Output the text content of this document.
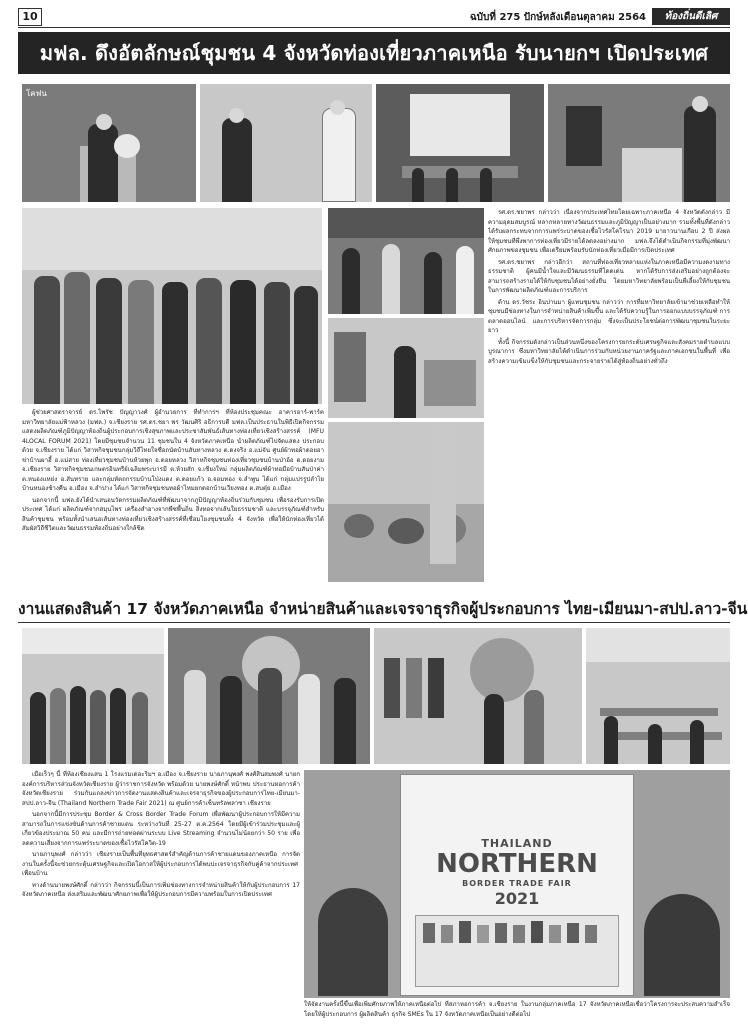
10	ฉบับที่ 275 ปักษ์หลังเดือนตุลาคม 2564	ท้องถิ่นดีเลิศ
มฟล. ดึงอัตลักษณ์ชุมชน 4 จังหวัดท่องเที่ยวภาคเหนือ รับนายกฯ เปิดประเทศ
โคฟน

ผู้ช่วยศาสตราจารย์ ดร.ไพรัช ปัญญาวงศ์ ผู้อำนวยการ ที่ทำการฯ ที่ห้องประชุมคณะ อาคารอาร์-พาร์ค มหาวิทยาลัยแม่ฟ้าหลวง (มฟล.) จ.เชียงราย รศ.ดร.ชยา พร วัฒนศิริ อธิการบดี มฟล.เป็นประธานในพิธีเปิดกิจกรรมแสดงผลิตภัณฑ์ภูมิปัญญาท้องถิ่นผู้ประกอบการเชิงสุขภาพและประชาสัมพันธ์เส้นทางท่องเที่ยวเชิงสร้างสรรค์ (MFU 4LOCAL FORUM 2021) โดยมีชุมชนจำนวน 11 ชุมชนใน 4 จังหวัดภาคเหนือ นำผลิตภัณฑ์ไปจัดแสดง ประกอบด้วย จ.เชียงราย ได้แก่ วิสาหกิจชุมชนกลุ่มวิถีไทยใจซื่อถนัดบ้านสันทางหลวง ต.ดงจริง อ.แม่จัน ศูนย์ผ้าทอผ้าดอยอาข่าบ้านผาฮี้ อ.แม่สาย ท่องเที่ยวชุมชนบ้านห้วยพุก อ.ดอยหลวง วิสาหกิจชุมชนท่องเที่ยวชุมชนบ้านป่าอ้อ ต.ดอยงาม จ.เชียงราย วิสาหกิจชุมชนเกษตรอินทรีย์เฉลิมพระบารมี ต.ห้วยสัก จ.เชียงใหม่ กลุ่มผลิตภัณฑ์ผ้าทอมือบ้านสันป่าค่า ต.หนองแหย่ง อ.สันทราย และกลุ่มหัตถกรรมบ้านโป่งแดง ต.ดอยแก้ว อ.จอมทอง จ.ลำพูน ได้แก่ กลุ่มแปรรูปลำไยบ้านหนองช้างคืน อ.เมือง จ.ลำปาง ได้แก่ วิสาหกิจชุมชนทอผ้าไหมยกดอกบ้านเวียงทอง ต.สบตุ๋ย อ.เมือง

นอกจากนี้ มฟล.ยังได้นำเสนอนวัตกรรมผลิตภัณฑ์ที่พัฒนาจากภูมิปัญญาท้องถิ่นร่วมกับชุมชน เพื่อรองรับการเปิดประเทศ ได้แก่ ผลิตภัณฑ์จากสมุนไพร เครื่องสำอางจากพืชพื้นถิ่น สิ่งทอจากเส้นใยธรรมชาติ และบรรจุภัณฑ์สำหรับสินค้าชุมชน พร้อมทั้งนำเสนอเส้นทางท่องเที่ยวเชิงสร้างสรรค์ที่เชื่อมโยงชุมชนทั้ง 4 จังหวัด เพื่อให้นักท่องเที่ยวได้สัมผัสวิถีชีวิตและวัฒนธรรมท้องถิ่นอย่างใกล้ชิด

รศ.ดร.ชยาพร กล่าวว่า เนื่องจากประเทศไทยโดยเฉพาะภาคเหนือ 4 จังหวัดดังกล่าว มีความอุดมสมบูรณ์ หลากหลายทางวัฒนธรรมและภูมิปัญญาเป็นอย่างมาก รวมทั้งพื้นที่ดังกล่าวได้รับผลกระทบจากการแพร่ระบาดของเชื้อไวรัสโคโรนา 2019 มายาวนานเกือบ 2 ปี ส่งผลให้ชุมชนที่พึ่งพาการท่องเที่ยวมีรายได้ลดลงอย่างมาก มฟล.จึงได้ดำเนินกิจกรรมที่มุ่งพัฒนาศักยภาพของชุมชน เพื่อเตรียมพร้อมรับนักท่องเที่ยวเมื่อมีการเปิดประเทศ

รศ.ดร.ชยาพร กล่าวอีกว่า สถานที่ท่องเที่ยวหลายแห่งในภาคเหนือมีความงดงามทางธรรมชาติ ผู้คนมีน้ำใจและมีวัฒนธรรมที่โดดเด่น หากได้รับการส่งเสริมอย่างถูกต้องจะสามารถสร้างรายได้ให้กับชุมชนได้อย่างยั่งยืน โดยมหาวิทยาลัยพร้อมเป็นพี่เลี้ยงให้กับชุมชนในการพัฒนาผลิตภัณฑ์และการบริการ

ด้าน ดร.วัชระ อินปานมา ผู้แทนชุมชน กล่าวว่า การที่มหาวิทยาลัยเข้ามาช่วยเหลือทำให้ชุมชนมีช่องทางในการจำหน่ายสินค้าเพิ่มขึ้น และได้รับความรู้ในการออกแบบบรรจุภัณฑ์ การตลาดออนไลน์ และการบริหารจัดการกลุ่ม ซึ่งจะเป็นประโยชน์ต่อการพัฒนาชุมชนในระยะยาว

ทั้งนี้ กิจกรรมดังกล่าวเป็นส่วนหนึ่งของโครงการยกระดับเศรษฐกิจและสังคมรายตำบลแบบบูรณาการ ซึ่งมหาวิทยาลัยได้ดำเนินการร่วมกับหน่วยงานภาครัฐและภาคเอกชนในพื้นที่ เพื่อสร้างความเข้มแข็งให้กับชุมชนและกระจายรายได้สู่ท้องถิ่นอย่างทั่วถึง

งานแสดงสินค้า 17 จังหวัดภาคเหนือ จำหน่ายสินค้าและเจรจาธุรกิจผู้ประกอบการ ไทย-เมียนมา-สปป.ลาว-จีน

เมื่อเร็วๆ นี้ ที่ห้องเชียงแสน 1 โรงแรมเดอะริมฯ อ.เมือง จ.เชียงราย นายภานุพงศ์ พงศ์สินสมพงศ์ นายกองค์การบริหารส่วนจังหวัดเชียงราย ผู้ว่าราชการจังหวัด พร้อมด้วย นายพงษ์ศักดิ์ หน้าพบ ประธานหอการค้าจังหวัดเชียงราย ร่วมกันแถลงข่าวการจัดงานแสดงสินค้าและเจรจาธุรกิจของผู้ประกอบการไทย-เมียนมา-สปป.ลาว-จีน (Thailand Northern Trade Fair 2021) ณ ศูนย์การค้าเซ็นทรัลพลาซา เชียงราย

นอกจากนี้มีการประชุม Border & Cross Border Trade Forum เพื่อพัฒนาผู้ประกอบการให้มีความสามารถในการแข่งขันด้านการค้าชายแดน ระหว่างวันที่ 25-27 ต.ค.2564 โดยมีผู้เข้าร่วมประชุมและผู้เกี่ยวข้องประมาณ 50 คน และมีการถ่ายทอดผ่านระบบ Live Streaming จำนวนไม่น้อยกว่า 50 ราย เพื่อลดความเสี่ยงจากการแพร่ระบาดของเชื้อไวรัสโควิด-19

นายภานุพงศ์ กล่าวว่า เชียงรายเป็นพื้นที่ยุทธศาสตร์สำคัญด้านการค้าชายแดนของภาคเหนือ การจัดงานในครั้งนี้จะช่วยกระตุ้นเศรษฐกิจและเปิดโอกาสให้ผู้ประกอบการได้พบปะเจรจาธุรกิจกับคู่ค้าจากประเทศเพื่อนบ้าน

ทางด้านนายพงษ์ศักดิ์ กล่าวว่า กิจกรรมนี้เป็นการเพิ่มช่องทางการจำหน่ายสินค้าให้กับผู้ประกอบการ 17 จังหวัดภาคเหนือ ส่งเสริมและพัฒนาศักยภาพเพื่อให้ผู้ประกอบการมีความพร้อมในการเปิดประเทศ

THAILAND
NORTHERN
BORDER TRADE FAIR
2021
ให้จัดงานครั้งนี้ขึ้นเพื่อเพิ่มศักยภาพให้ภาคเหนือต่อไป ที่สภาหอการค้า จ.เชียงราย ในงานกลุ่มภาคเหนือ 17 จังหวัดภาคเหนือเชื่อว่าโครงการจะประสบความสำเร็จ โดยให้ผู้ประกอบการ ผู้ผลิตสินค้า ธุรกิจ SMEs ใน 17 จังหวัดภาคเหนือเป็นอย่างดีต่อไป
